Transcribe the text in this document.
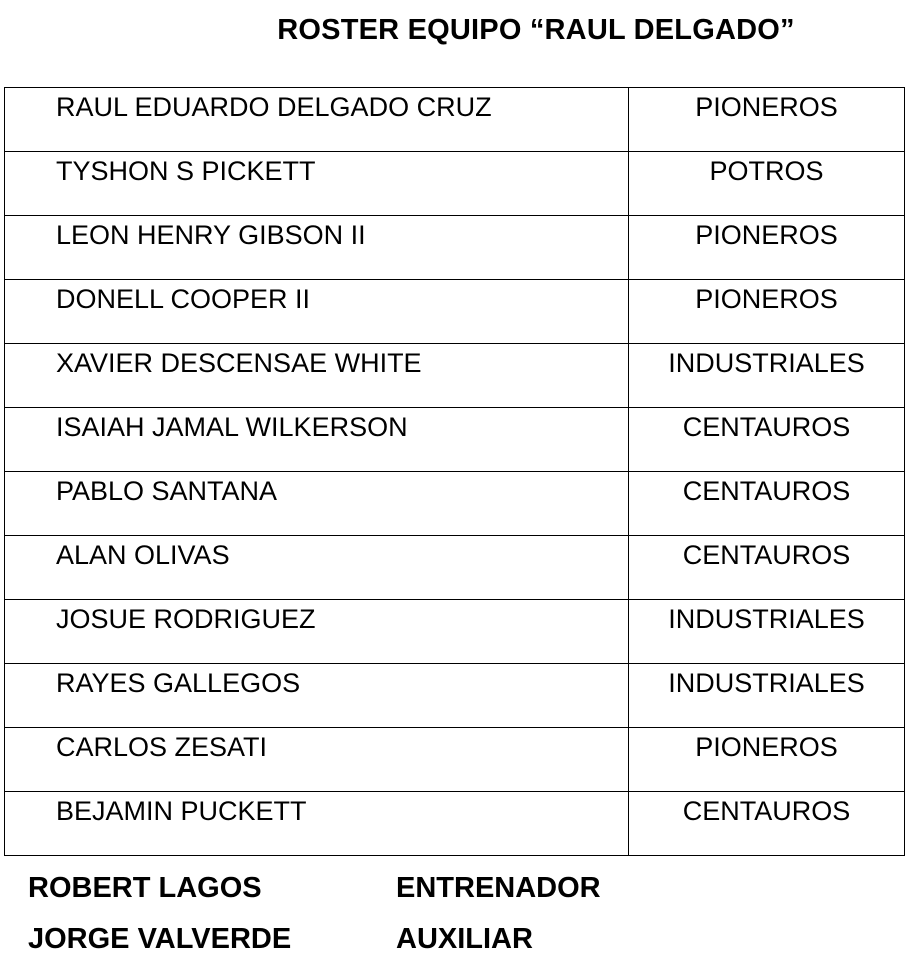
ROSTER EQUIPO “RAUL DELGADO”
RAUL EDUARDO DELGADO CRUZ	PIONEROS
TYSHON S PICKETT	POTROS
LEON HENRY GIBSON II	PIONEROS
DONELL COOPER II	PIONEROS
XAVIER DESCENSAE WHITE	INDUSTRIALES
ISAIAH JAMAL WILKERSON	CENTAUROS
PABLO SANTANA	CENTAUROS
ALAN OLIVAS	CENTAUROS
JOSUE RODRIGUEZ	INDUSTRIALES
RAYES GALLEGOS	INDUSTRIALES
CARLOS ZESATI	PIONEROS
BEJAMIN PUCKETT	CENTAUROS
ROBERT LAGOS	ENTRENADOR
JORGE VALVERDE	AUXILIAR
